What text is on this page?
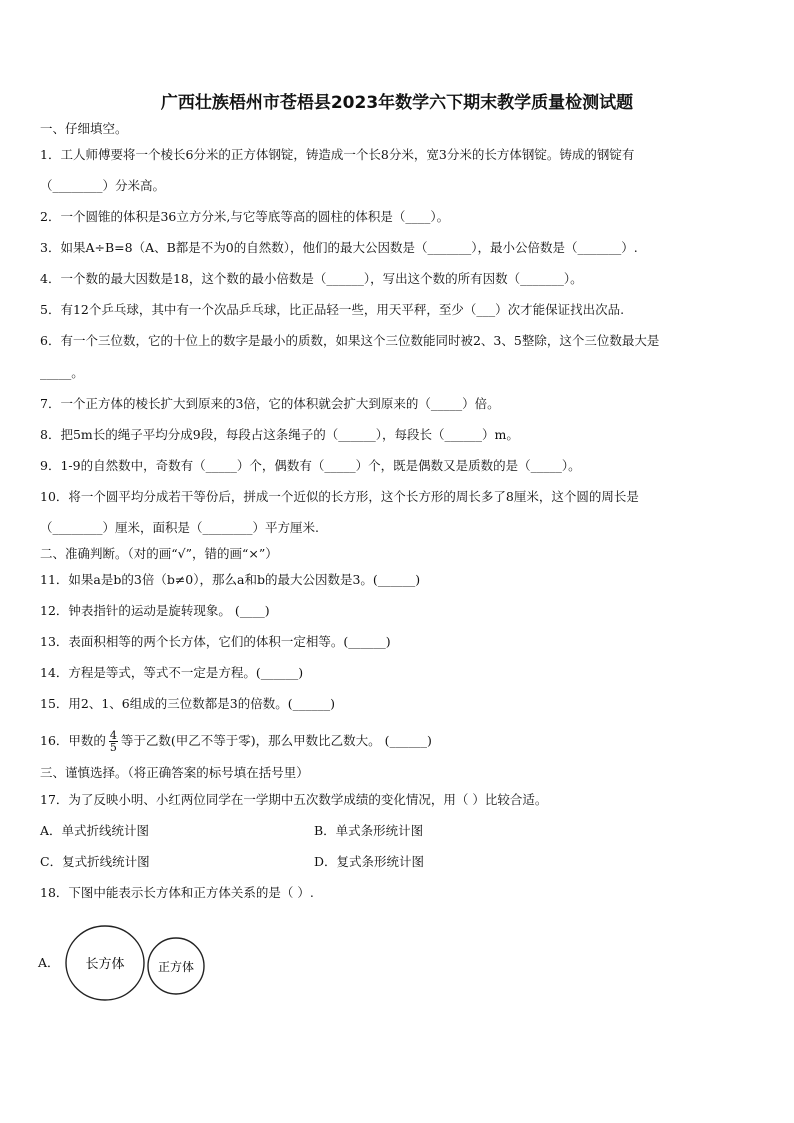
广西壮族梧州市苍梧县2023年数学六下期末教学质量检测试题
一、仔细填空。
1．工人师傅要将一个棱长6分米的正方体钢锭，铸造成一个长8分米，宽3分米的长方体钢锭。铸成的钢锭有
（________）分米高。
2．一个圆锥的体积是36立方分米,与它等底等高的圆柱的体积是（____）。
3．如果A÷B=8（A、B都是不为0的自然数），他们的最大公因数是（_______），最小公倍数是（_______）.
4．一个数的最大因数是18，这个数的最小倍数是（______），写出这个数的所有因数（_______）。
5．有12个乒乓球，其中有一个次品乒乓球，比正品轻一些，用天平秤，至少（___）次才能保证找出次品.
6．有一个三位数，它的十位上的数字是最小的质数，如果这个三位数能同时被2、3、5整除，这个三位数最大是
_____。
7．一个正方体的棱长扩大到原来的3倍，它的体积就会扩大到原来的（_____）倍。
8．把5m长的绳子平均分成9段，每段占这条绳子的（______），每段长（______）m。
9．1-9的自然数中，奇数有（_____）个，偶数有（_____）个，既是偶数又是质数的是（_____）。
10．将一个圆平均分成若干等份后，拼成一个近似的长方形，这个长方形的周长多了8厘米，这个圆的周长是
（________）厘米，面积是（________）平方厘米.
二、准确判断。（对的画“√”，错的画“×”）
11．如果a是b的3倍（b≠0），那么a和b的最大公因数是3。(______)
12．钟表指针的运动是旋转现象。 (____)
13．表面积相等的两个长方体，它们的体积一定相等。(______)
14．方程是等式，等式不一定是方程。(______)
15．用2、1、6组成的三位数都是3的倍数。(______)
16．甲数的 $\frac{4}{5}$ 等于乙数(甲乙不等于零)，那么甲数比乙数大。 (______)
三、谨慎选择。（将正确答案的标号填在括号里）
17．为了反映小明、小红两位同学在一学期中五次数学成绩的变化情况，用（ ）比较合适。
A．单式折线统计图	B．单式条形统计图
C．复式折线统计图	D．复式条形统计图
18．下图中能表示长方体和正方体关系的是（ ）.
A． 长方体	正方体
